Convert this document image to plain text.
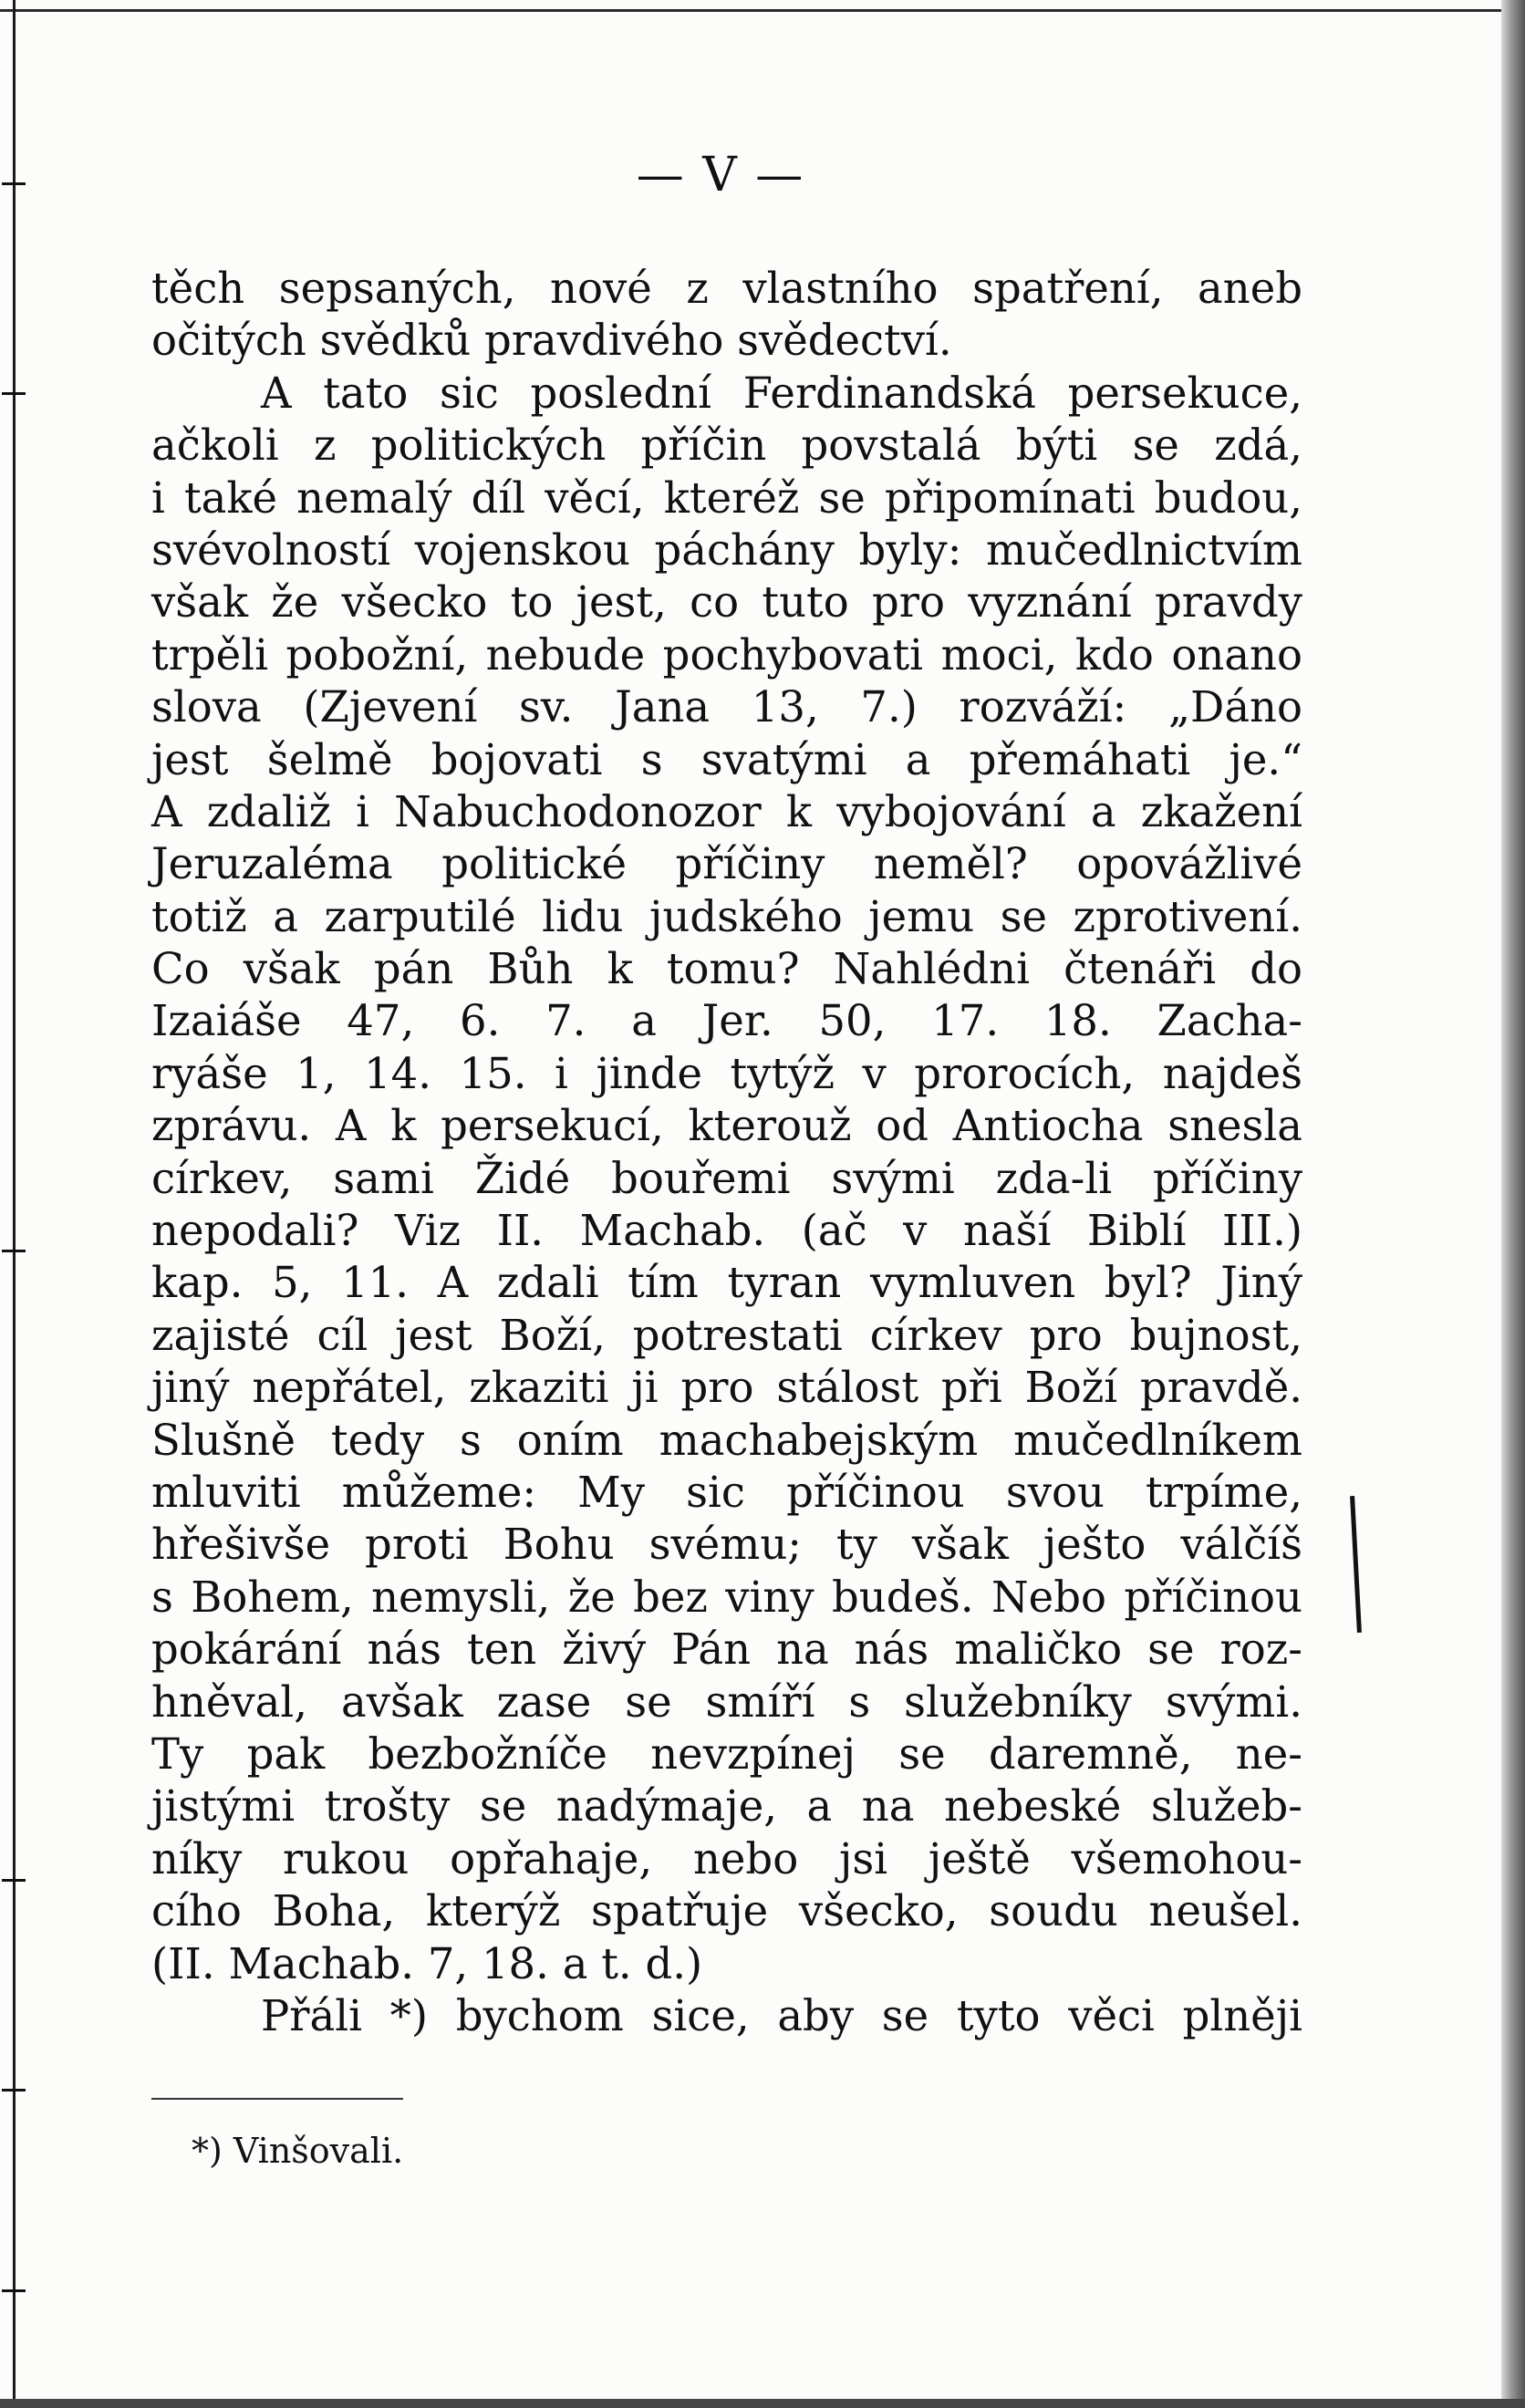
— V —
těch sepsaných, nové z vlastního spatření, aneb
očitých svědků pravdivého svědectví.
A tato sic poslední Ferdinandská persekuce,
ačkoli z politických příčin povstalá býti se zdá,
i také nemalý díl věcí, kteréž se připomínati budou,
svévolností vojenskou páchány byly: mučedlnictvím
však že všecko to jest, co tuto pro vyznání pravdy
trpěli pobožní, nebude pochybovati moci, kdo onano
slova (Zjevení sv. Jana 13, 7.) rozváží: „Dáno
jest šelmě bojovati s svatými a přemáhati je.“
A zdaliž i Nabuchodonozor k vybojování a zkažení
Jeruzaléma politické příčiny neměl? opovážlivé
totiž a zarputilé lidu judského jemu se zprotivení.
Co však pán Bůh k tomu? Nahlédni čtenáři do
Izaiáše 47, 6. 7. a Jer. 50, 17. 18. Zacha-
ryáše 1, 14. 15. i jinde tytýž v prorocích, najdeš
zprávu. A k persekucí, kterouž od Antiocha snesla
církev, sami Židé bouřemi svými zda-li příčiny
nepodali? Viz II. Machab. (ač v naší Biblí III.)
kap. 5, 11. A zdali tím tyran vymluven byl? Jiný
zajisté cíl jest Boží, potrestati církev pro bujnost,
jiný nepřátel, zkaziti ji pro stálost při Boží pravdě.
Slušně tedy s oním machabejským mučedlníkem
mluviti můžeme: My sic příčinou svou trpíme,
hřešivše proti Bohu svému; ty však ješto válčíš
s Bohem, nemysli, že bez viny budeš. Nebo příčinou
pokárání nás ten živý Pán na nás maličko se roz-
hněval, avšak zase se smíří s služebníky svými.
Ty pak bezbožníče nevzpínej se daremně, ne-
jistými trošty se nadýmaje, a na nebeské služeb-
níky rukou opřahaje, nebo jsi ještě všemohou-
cího Boha, kterýž spatřuje všecko, soudu neušel.
(II. Machab. 7, 18. a t. d.)
Přáli *) bychom sice, aby se tyto věci plněji
*) Vinšovali.
